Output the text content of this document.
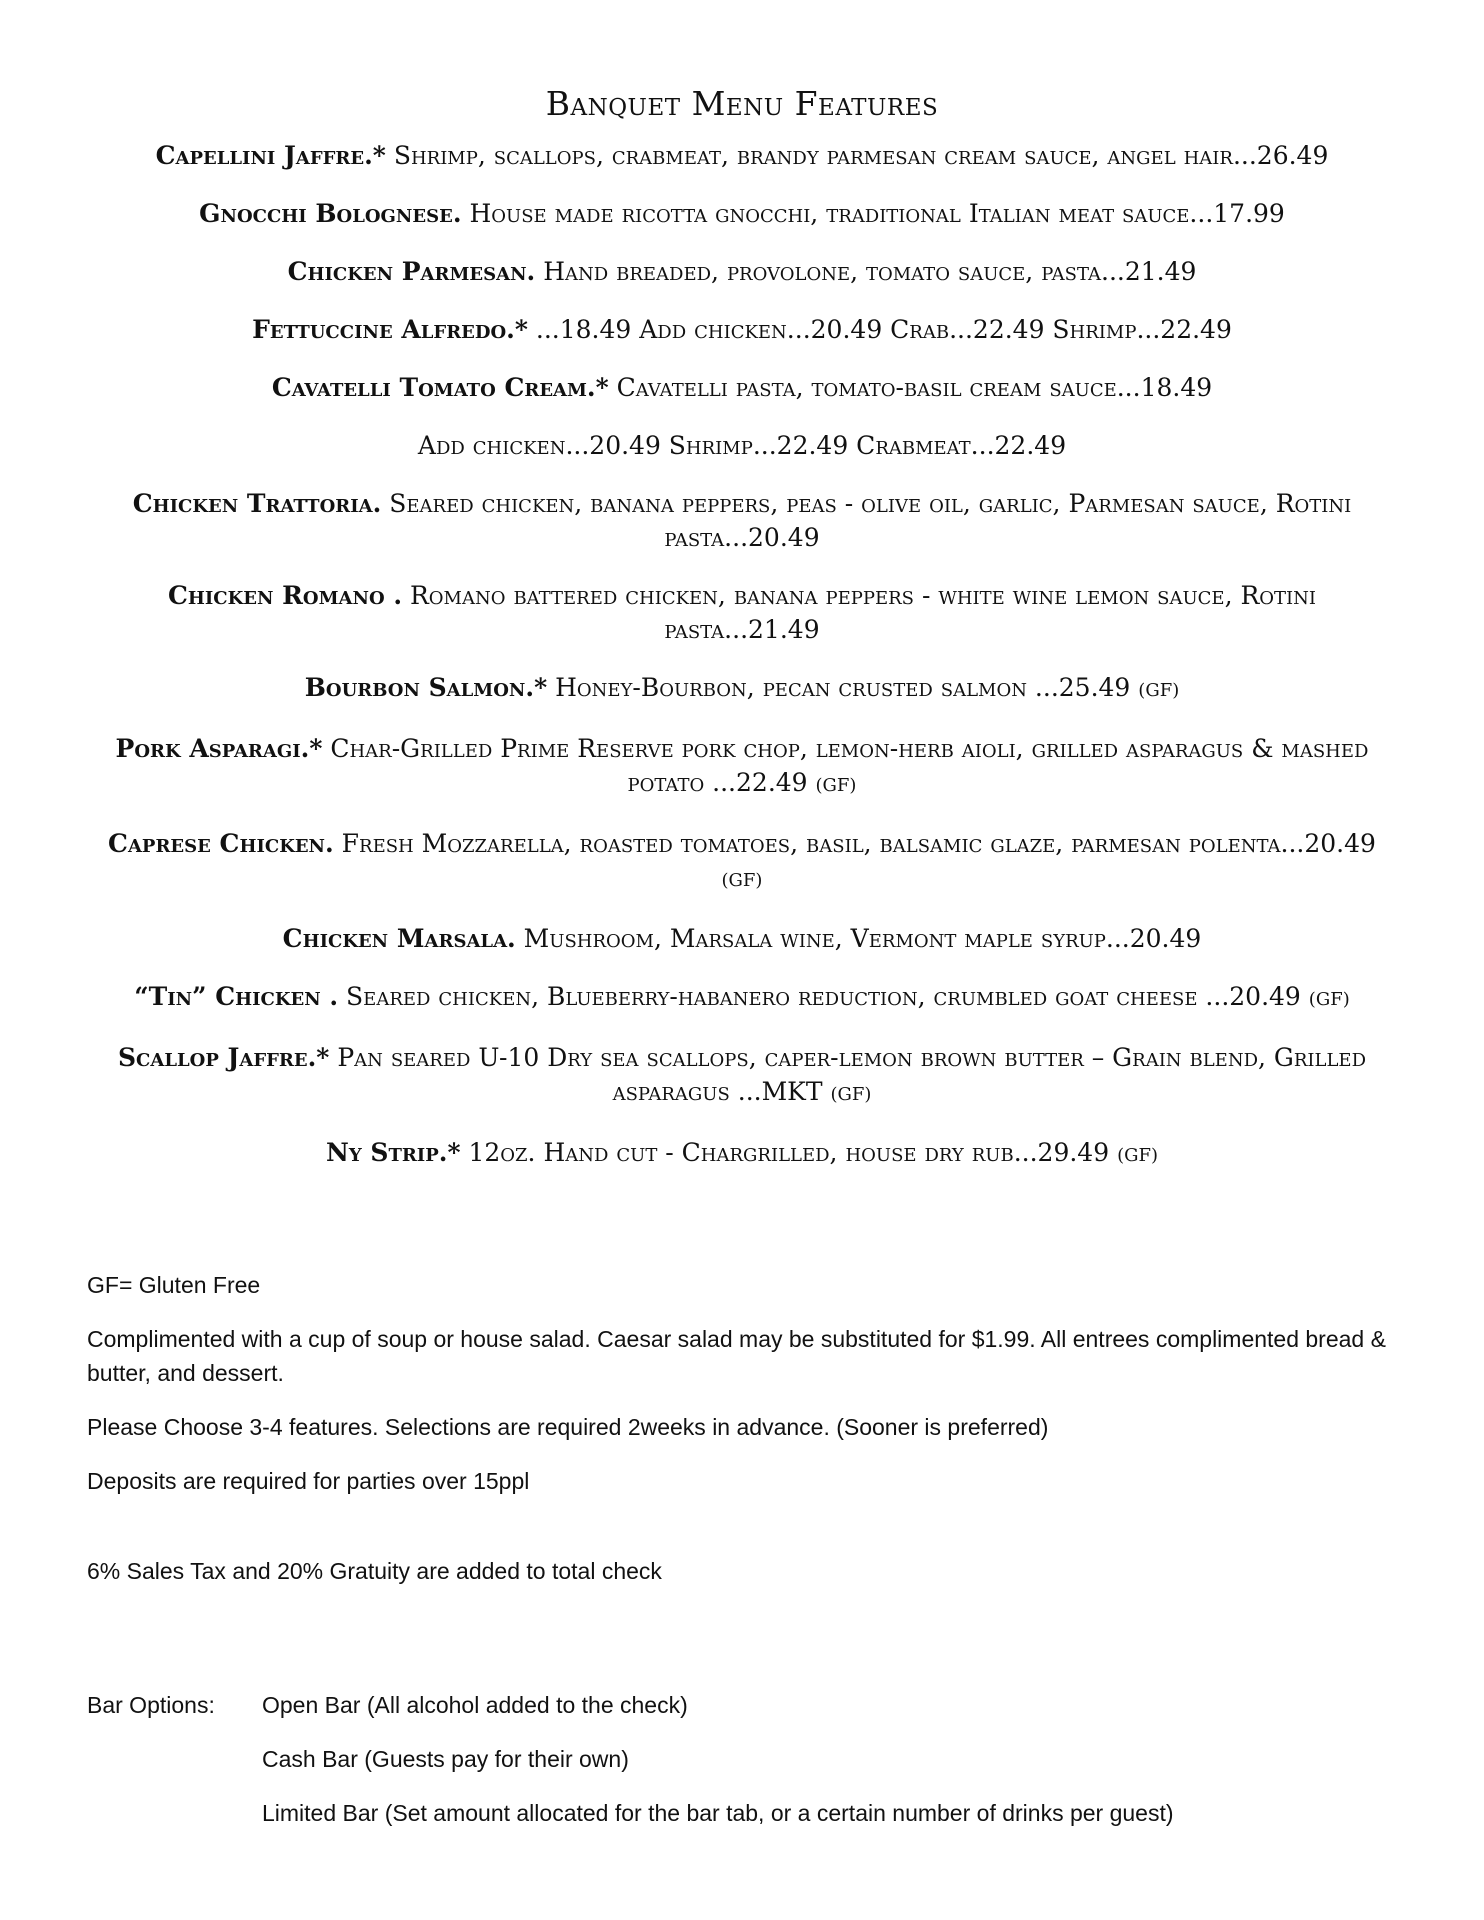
Banquet Menu Features
Capellini Jaffre.* Shrimp, scallops, crabmeat, brandy parmesan cream sauce, angel hair...26.49
Gnocchi Bolognese. House made ricotta gnocchi, traditional Italian meat sauce...17.99
Chicken Parmesan. Hand breaded, provolone, tomato sauce, pasta...21.49
Fettuccine Alfredo.* ...18.49 Add chicken...20.49 Crab...22.49 Shrimp...22.49
Cavatelli Tomato Cream.* Cavatelli pasta, tomato-basil cream sauce...18.49
Add chicken...20.49 Shrimp...22.49 Crabmeat...22.49
Chicken Trattoria. Seared chicken, banana peppers, peas - olive oil, garlic, Parmesan sauce, Rotini pasta...20.49
Chicken Romano . Romano battered chicken, banana peppers - white wine lemon sauce, Rotini pasta...21.49
Bourbon Salmon.* Honey-Bourbon, pecan crusted salmon ...25.49 (GF)
Pork Asparagi.* Char-Grilled Prime Reserve pork chop, lemon-herb aioli, grilled asparagus & mashed potato ...22.49 (GF)
Caprese Chicken. Fresh Mozzarella, roasted tomatoes, basil, balsamic glaze, parmesan polenta...20.49 (GF)
Chicken Marsala. Mushroom, Marsala wine, Vermont maple syrup...20.49
“Tin” Chicken . Seared chicken, Blueberry-habanero reduction, crumbled goat cheese ...20.49 (GF)
Scallop Jaffre.* Pan seared U-10 Dry sea scallops, caper-lemon brown butter – Grain blend, Grilled asparagus ...MKT (GF)
Ny Strip.* 12oz. Hand cut - Chargrilled, house dry rub...29.49 (GF)

GF= Gluten Free

Complimented with a cup of soup or house salad. Caesar salad may be substituted for $1.99. All entrees complimented bread & butter, and dessert.

Please Choose 3-4 features. Selections are required 2weeks in advance. (Sooner is preferred)

Deposits are required for parties over 15ppl

6% Sales Tax and 20% Gratuity are added to total check

Bar Options: Open Bar (All alcohol added to the check)
Cash Bar (Guests pay for their own)
Limited Bar (Set amount allocated for the bar tab, or a certain number of drinks per guest)
